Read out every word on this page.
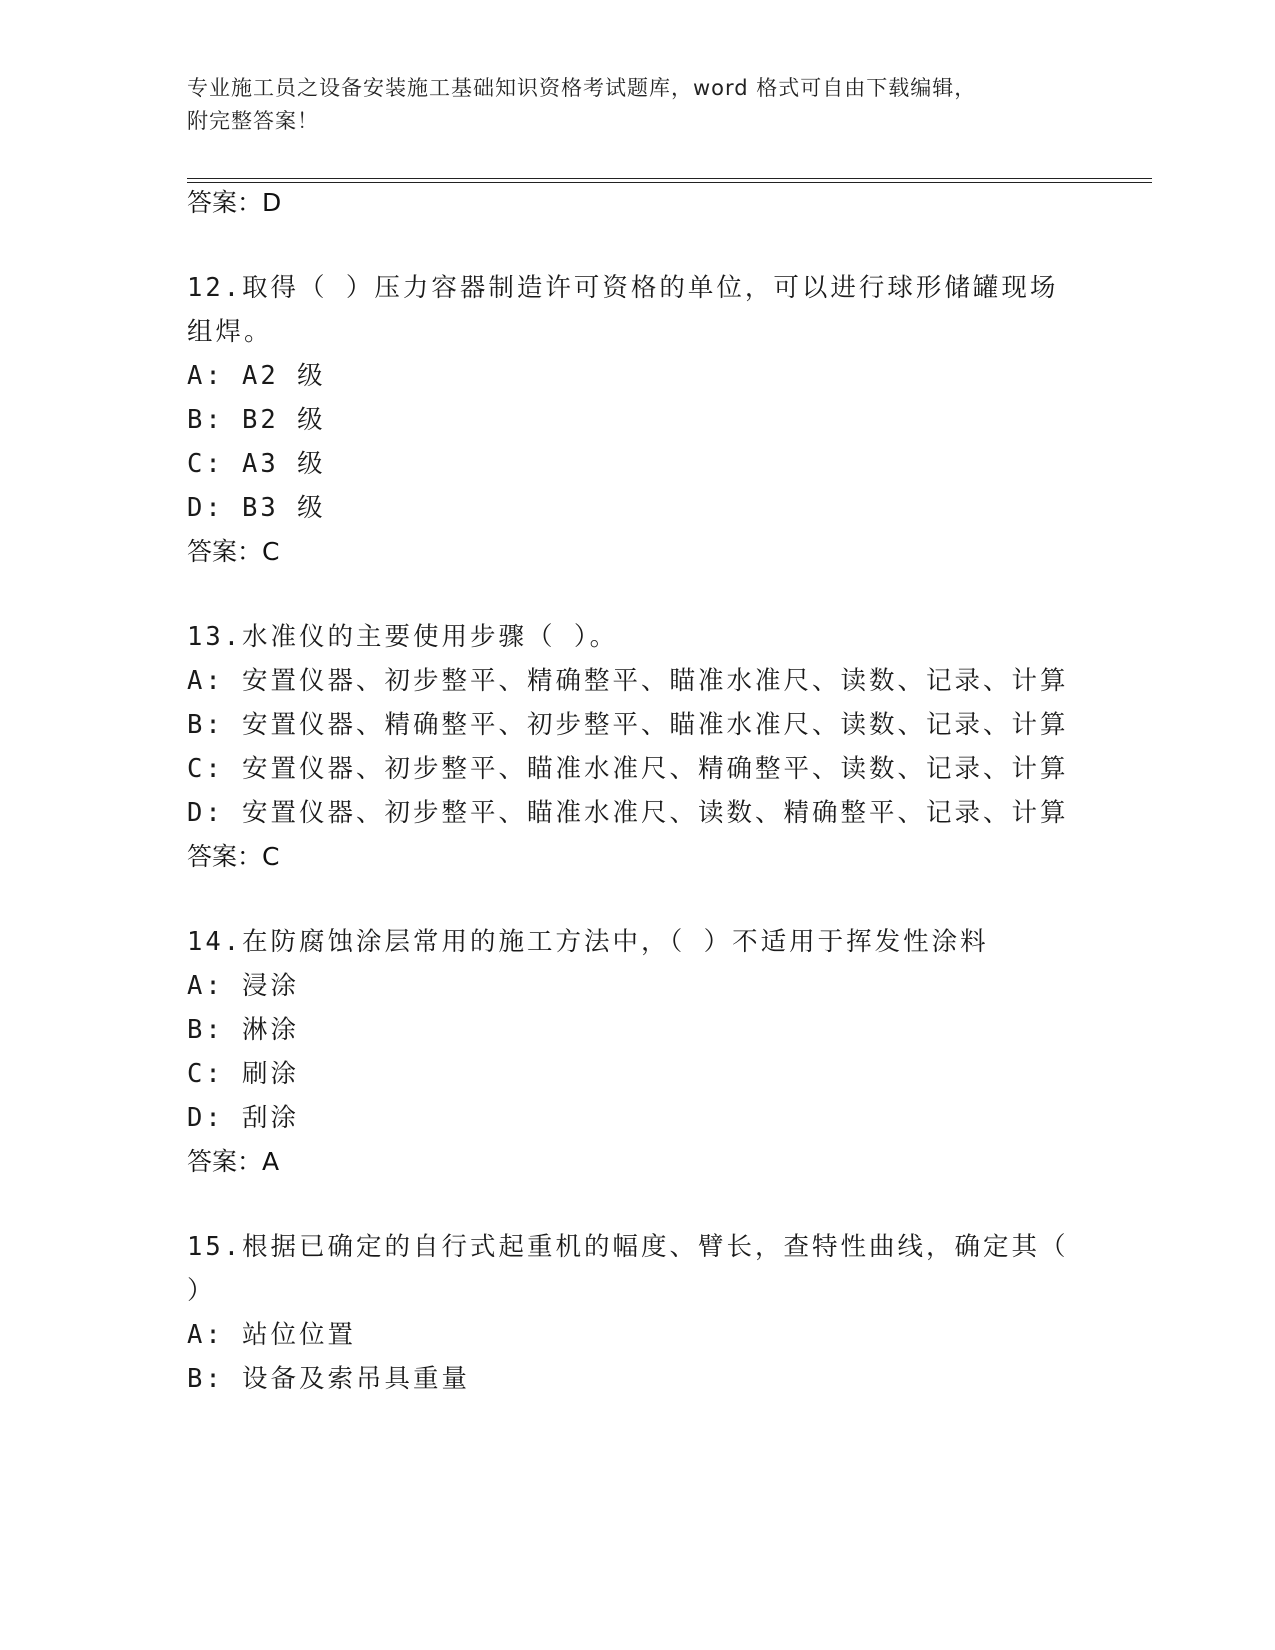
专业施工员之设备安装施工基础知识资格考试题库，word 格式可自由下载编辑，
附完整答案！
答案：D
12.取得（ ）压力容器制造许可资格的单位，可以进行球形储罐现场
组焊。
A: A2 级
B: B2 级
C: A3 级
D: B3 级
答案：C
13.水准仪的主要使用步骤（ ）。
A: 安置仪器、初步整平、精确整平、瞄准水准尺、读数、记录、计算
B: 安置仪器、精确整平、初步整平、瞄准水准尺、读数、记录、计算
C: 安置仪器、初步整平、瞄准水准尺、精确整平、读数、记录、计算
D: 安置仪器、初步整平、瞄准水准尺、读数、精确整平、记录、计算
答案：C
14.在防腐蚀涂层常用的施工方法中，（ ）不适用于挥发性涂料
A: 浸涂
B: 淋涂
C: 刷涂
D: 刮涂
答案：A
15.根据已确定的自行式起重机的幅度、臂长，查特性曲线，确定其（
）
A: 站位位置
B: 设备及索吊具重量
